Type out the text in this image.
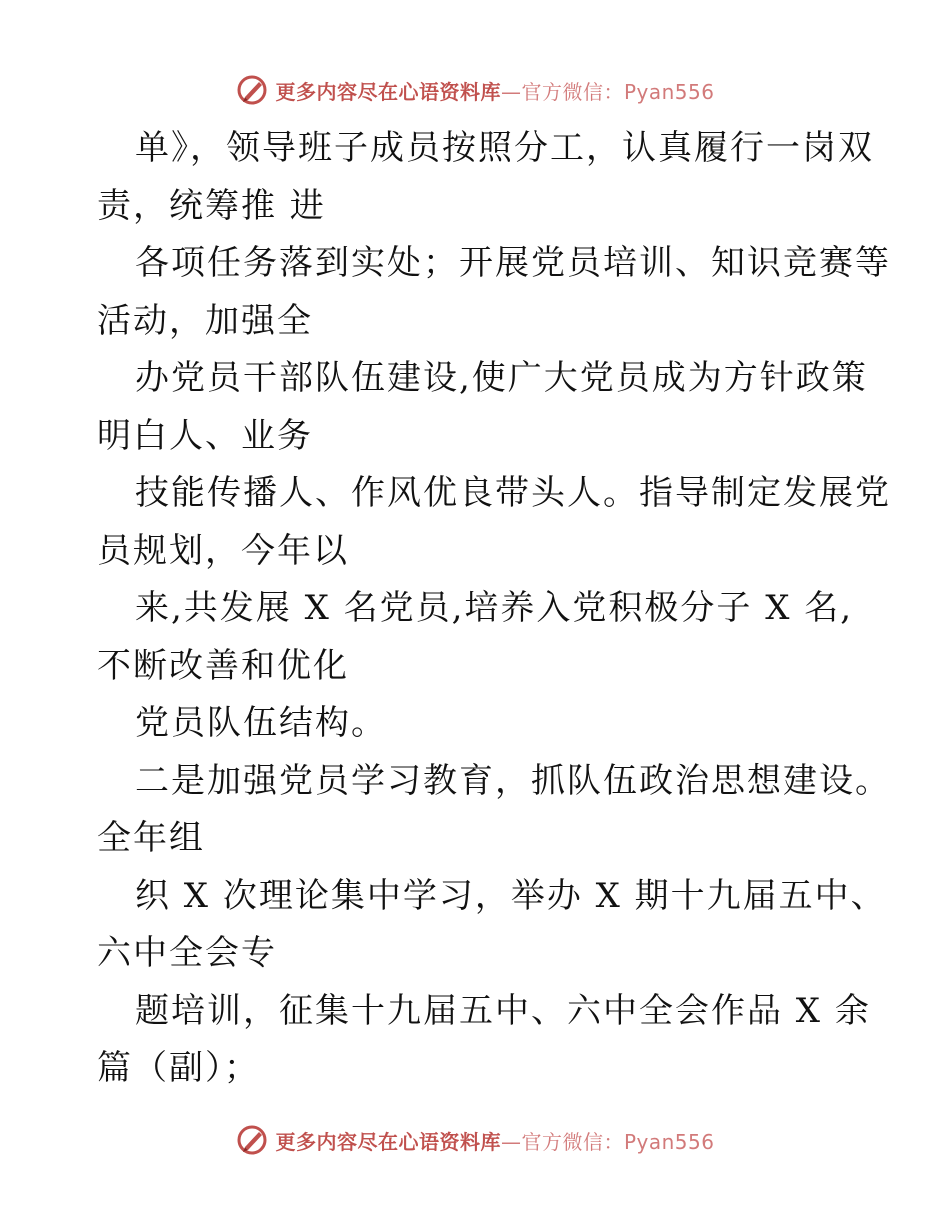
更多内容尽在心语资料库—官方微信：Pyan556
单》，领导班子成员按照分工，认真履行一岗双
责，统筹推 进
各项任务落到实处；开展党员培训、知识竞赛等
活动，加强全
办党员干部队伍建设,使广大党员成为方针政策
明白人、业务
技能传播人、作风优良带头人。指导制定发展党
员规划，今年以
来,共发展 X 名党员,培养入党积极分子 X 名,
不断改善和优化
党员队伍结构。
二是加强党员学习教育，抓队伍政治思想建设。
全年组
织 X 次理论集中学习，举办 X 期十九届五中、
六中全会专
题培训，征集十九届五中、六中全会作品 X 余
篇（副）；
更多内容尽在心语资料库—官方微信：Pyan556
